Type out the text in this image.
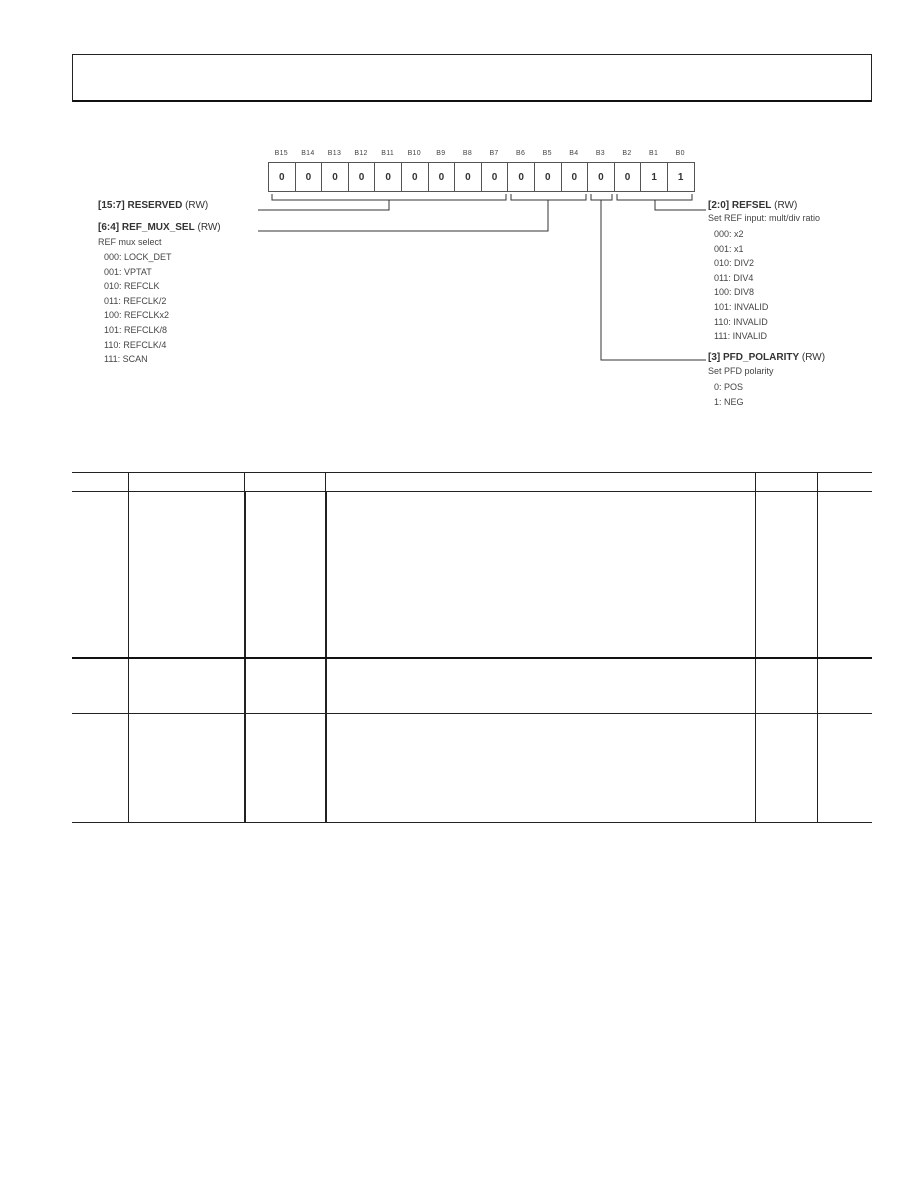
B15	B14	B13	B12	B11	B10	B9	B8	B7	B6	B5	B4	B3	B2	B1	B0
0	0	0	0	0	0	0	0	0	0	0	0	0	0	1	1
[15:7] RESERVED (RW)
[6:4] REF_MUX_SEL (RW)
REF mux select
000: LOCK_DET
001: VPTAT
010: REFCLK
011: REFCLK/2
100: REFCLKx2
101: REFCLK/8
110: REFCLK/4
111: SCAN
[2:0] REFSEL (RW)
Set REF input: mult/div ratio
000: x2
001: x1
010: DIV2
011: DIV4
100: DIV8
101: INVALID
110: INVALID
111: INVALID
[3] PFD_POLARITY (RW)
Set PFD polarity
0: POS
1: NEG
